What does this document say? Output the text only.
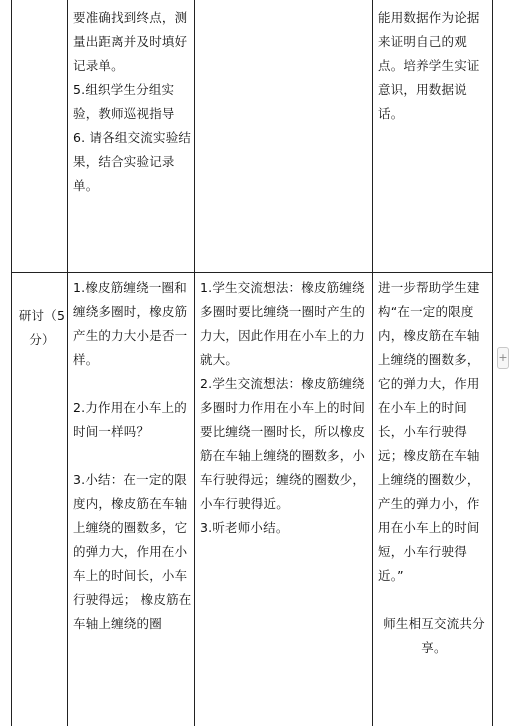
要准确找到终点，测量出距离并及时填好记录单。

5.组织学生分组实验，教师巡视指导

6. 请各组交流实验结果，结合实验记录单。

能用数据作为论据来证明自己的观点。培养学生实证意识，用数据说话。

研讨（5分）

1.橡皮筋缠绕一圈和缠绕多圈时，橡皮筋产生的力大小是否一样。

2.力作用在小车上的时间一样吗？

3.小结：在一定的限度内，橡皮筋在车轴上缠绕的圈数多，它的弹力大，作用在小车上的时间长，小车行驶得远； 橡皮筋在车轴上缠绕的圈

1.学生交流想法：橡皮筋缠绕多圈时要比缠绕一圈时产生的力大，因此作用在小车上的力就大。

2.学生交流想法：橡皮筋缠绕多圈时力作用在小车上的时间要比缠绕一圈时长，所以橡皮筋在车轴上缠绕的圈数多，小车行驶得远；缠绕的圈数少，小车行驶得近。

3.听老师小结。

进一步帮助学生建构“在一定的限度内，橡皮筋在车轴上缠绕的圈数多，它的弹力大，作用在小车上的时间长，小车行驶得远；橡皮筋在车轴上缠绕的圈数少，产生的弹力小，作用在小车上的时间短，小车行驶得近。”

师生相互交流共分享。

+
